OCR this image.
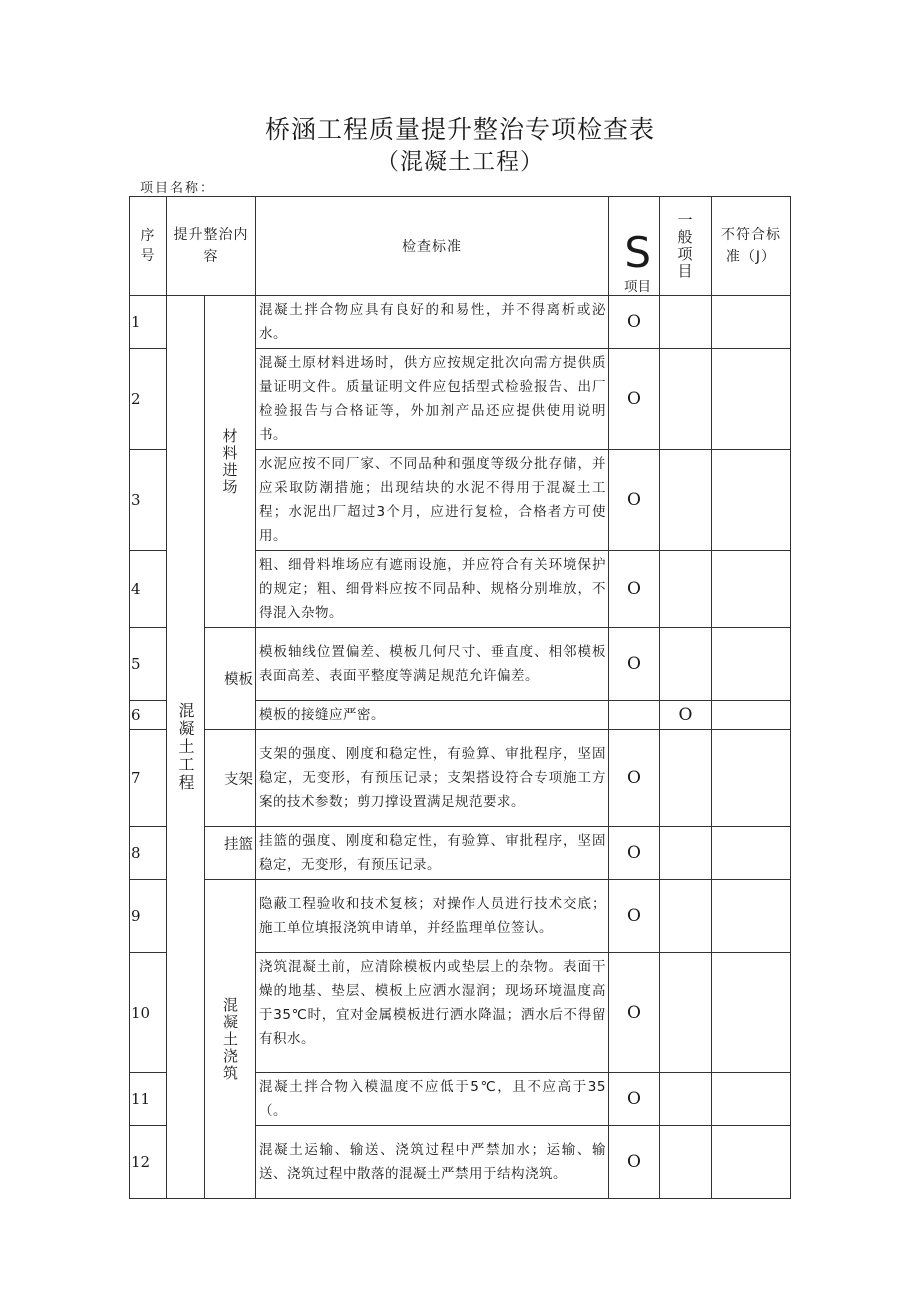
桥涵工程质量提升整治专项检查表
（混凝土工程）
项目名称：
序号	提升整治内容		检查标准	S
项目	一般项目	不符合标准（J）

1	混凝土工程	材料进场	混凝土拌合物应具有良好的和易性，并不得离析或泌水。	O		
2			混凝土原材料进场时，供方应按规定批次向需方提供质量证明文件。质量证明文件应包括型式检验报告、出厂检验报告与合格证等，外加剂产品还应提供使用说明书。	O		
3			水泥应按不同厂家、不同品种和强度等级分批存储，并应采取防潮措施；出现结块的水泥不得用于混凝土工程；水泥出厂超过3个月，应进行复检，合格者方可使用。	O		
4			粗、细骨料堆场应有遮雨设施，并应符合有关环境保护的规定；粗、细骨料应按不同品种、规格分别堆放，不得混入杂物。	O		
5		模板	模板轴线位置偏差、模板几何尺寸、垂直度、相邻模板表面高差、表面平整度等满足规范允许偏差。	O		
6			模板的接缝应严密。		O	
7		支架	支架的强度、刚度和稳定性，有验算、审批程序，坚固稳定，无变形，有预压记录；支架搭设符合专项施工方案的技术参数；剪刀撑设置满足规范要求。	O		
8		挂篮	挂篮的强度、刚度和稳定性，有验算、审批程序，坚固稳定，无变形，有预压记录。	O		
9		混凝土浇筑	隐蔽工程验收和技术复核；对操作人员进行技术交底；施工单位填报浇筑申请单，并经监理单位签认。	O		
10			浇筑混凝土前，应清除模板内或垫层上的杂物。表面干燥的地基、垫层、模板上应洒水湿润；现场环境温度高于35℃时，宜对金属模板进行洒水降温；洒水后不得留有积水。	O		
11			混凝土拌合物入模温度不应低于5℃，且不应高于35（。	O		
12			混凝土运输、输送、浇筑过程中严禁加水；运输、输送、浇筑过程中散落的混凝土严禁用于结构浇筑。	O		
